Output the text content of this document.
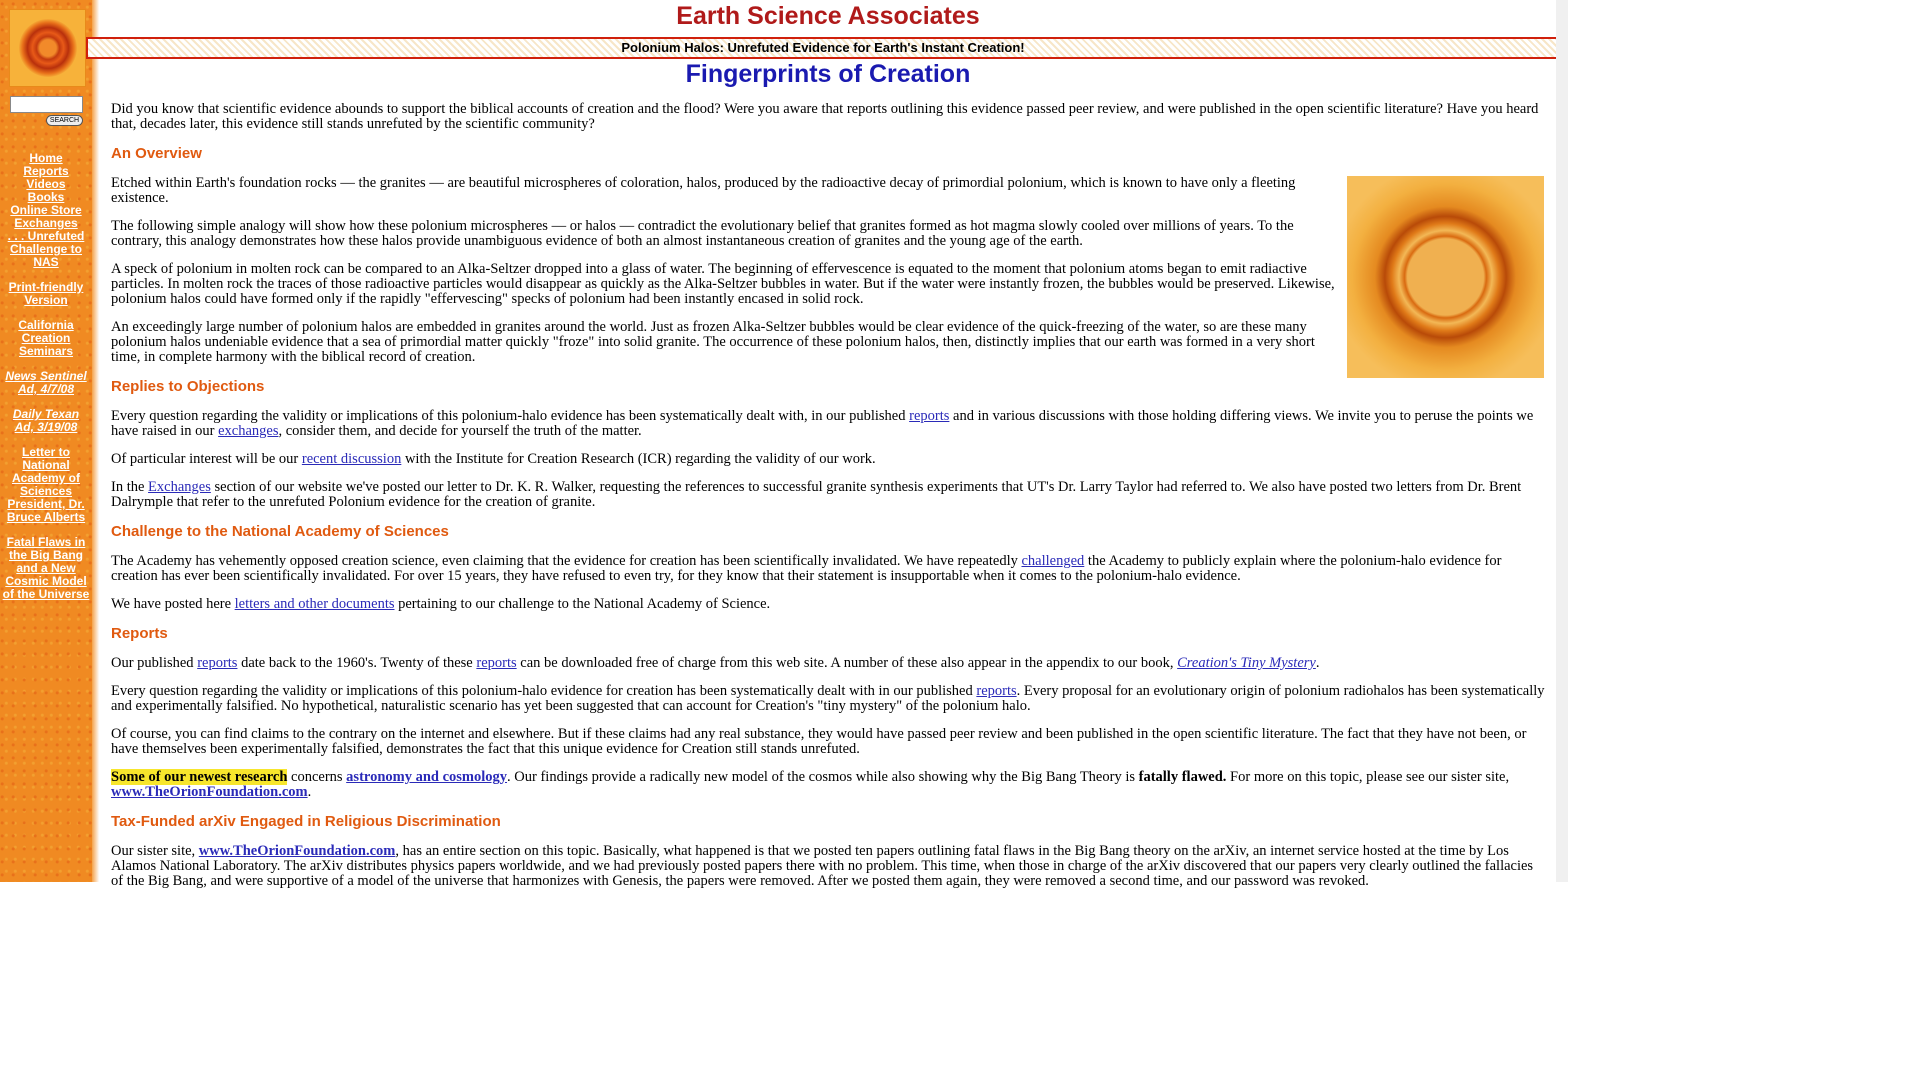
SEARCH
Home
Reports
Videos
Books
Online Store
Exchanges
. . . Unrefuted Challenge to NAS
Print-friendly Version
California Creation Seminars
News Sentinel Ad, 4/7/08
Daily Texan Ad, 3/19/08
Letter to National Academy of Sciences President, Dr. Bruce Alberts
Fatal Flaws in the Big Bang and a New Cosmic Model of the Universe
Earth Science Associates
Polonium Halos: Unrefuted Evidence for Earth's Instant Creation!
Fingerprints of Creation

Did you know that scientific evidence abounds to support the biblical accounts of creation and the flood? Were you aware that reports outlining this evidence passed peer review, and were published in the open scientific literature? Have you heard that, decades later, this evidence still stands unrefuted by the scientific community?

An Overview

Etched within Earth's foundation rocks — the granites — are beautiful microspheres of coloration, halos, produced by the radioactive decay of primordial polonium, which is known to have only a fleeting existence.

The following simple analogy will show how these polonium microspheres — or halos — contradict the evolutionary belief that granites formed as hot magma slowly cooled over millions of years. To the contrary, this analogy demonstrates how these halos provide unambiguous evidence of both an almost instantaneous creation of granites and the young age of the earth.

A speck of polonium in molten rock can be compared to an Alka-Seltzer dropped into a glass of water. The beginning of effervescence is equated to the moment that polonium atoms began to emit radiactive particles. In molten rock the traces of those radioactive particles would disappear as quickly as the Alka-Seltzer bubbles in water. But if the water were instantly frozen, the bubbles would be preserved. Likewise, polonium halos could have formed only if the rapidly "effervescing" specks of polonium had been instantly encased in solid rock.

An exceedingly large number of polonium halos are embedded in granites around the world. Just as frozen Alka-Seltzer bubbles would be clear evidence of the quick-freezing of the water, so are these many polonium halos undeniable evidence that a sea of primordial matter quickly "froze" into solid granite. The occurrence of these polonium halos, then, distinctly implies that our earth was formed in a very short time, in complete harmony with the biblical record of creation.

Replies to Objections

Every question regarding the validity or implications of this polonium-halo evidence has been systematically dealt with, in our published reports and in various discussions with those holding differing views. We invite you to peruse the points we have raised in our exchanges, consider them, and decide for yourself the truth of the matter.

Of particular interest will be our recent discussion with the Institute for Creation Research (ICR) regarding the validity of our work.

In the Exchanges section of our website we've posted our letter to Dr. K. R. Walker, requesting the references to successful granite synthesis experiments that UT's Dr. Larry Taylor had referred to. We also have posted two letters from Dr. Brent Dalrymple that refer to the unrefuted Polonium evidence for the creation of granite.

Challenge to the National Academy of Sciences

The Academy has vehemently opposed creation science, even claiming that the evidence for creation has been scientifically invalidated. We have repeatedly challenged the Academy to publicly explain where the polonium-halo evidence for creation has ever been scientifically invalidated. For over 15 years, they have refused to even try, for they know that their statement is insupportable when it comes to the polonium-halo evidence.

We have posted here letters and other documents pertaining to our challenge to the National Academy of Science.

Reports

Our published reports date back to the 1960's. Twenty of these reports can be downloaded free of charge from this web site. A number of these also appear in the appendix to our book, Creation's Tiny Mystery.

Every question regarding the validity or implications of this polonium-halo evidence for creation has been systematically dealt with in our published reports. Every proposal for an evolutionary origin of polonium radiohalos has been systematically and experimentally falsified. No hypothetical, naturalistic scenario has yet been suggested that can account for Creation's "tiny mystery" of the polonium halo.

Of course, you can find claims to the contrary on the internet and elsewhere. But if these claims had any real substance, they would have passed peer review and been published in the open scientific literature. The fact that they have not been, or have themselves been experimentally falsified, demonstrates the fact that this unique evidence for Creation still stands unrefuted.

Some of our newest research concerns astronomy and cosmology. Our findings provide a radically new model of the cosmos while also showing why the Big Bang Theory is fatally flawed. For more on this topic, please see our sister site, www.TheOrionFoundation.com.

Tax-Funded arXiv Engaged in Religious Discrimination

Our sister site, www.TheOrionFoundation.com, has an entire section on this topic. Basically, what happened is that we posted ten papers outlining fatal flaws in the Big Bang theory on the arXiv, an internet service hosted at the time by Los Alamos National Laboratory. The arXiv distributes physics papers worldwide, and we had previously posted papers there with no problem. This time, when those in charge of the arXiv discovered that our papers very clearly outlined the fallacies of the Big Bang, and were supportive of a model of the universe that harmonizes with Genesis, the papers were removed. After we posted them again, they were removed a second time, and our password was revoked.
